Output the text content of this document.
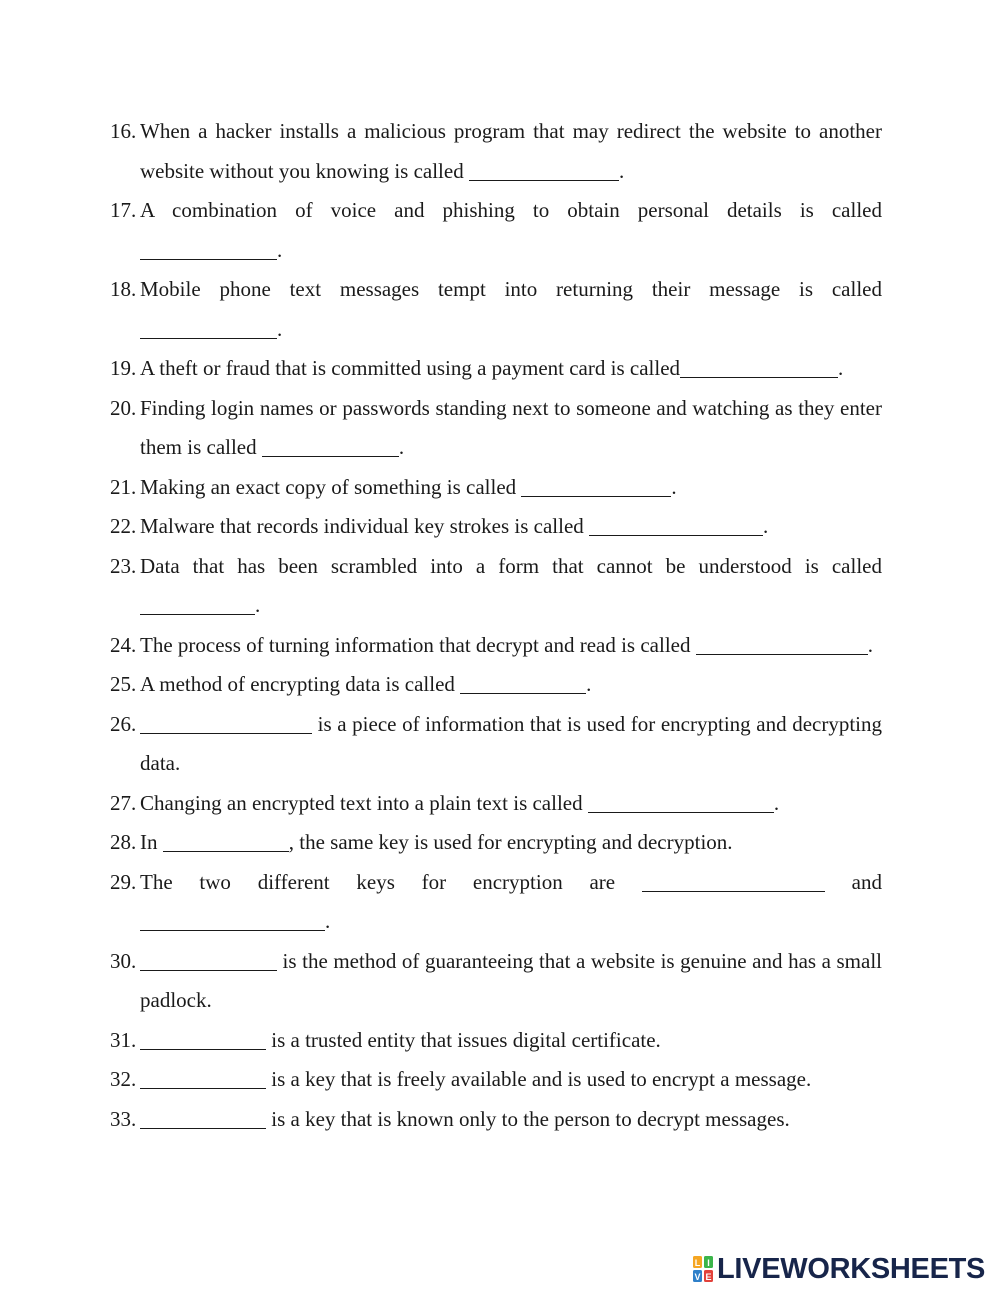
16. When a hacker installs a malicious program that may redirect the website to another website without you knowing is called	.
17. A combination of voice and phishing to obtain personal details is called .
18. Mobile phone text messages tempt into returning their message is called .
19. A theft or fraud that is committed using a payment card is called	.
20. Finding login names or passwords standing next to someone and watching as they enter them is called	.
21. Making an exact copy of something is called	.
22. Malware that records individual key strokes is called	.
23. Data that has been scrambled into a form that cannot be understood is called .
24. The process of turning information that decrypt and read is called	.
25. A method of encrypting data is called	.
26.	is a piece of information that is used for encrypting and decrypting data.
27. Changing an encrypted text into a plain text is called	.
28. In	, the same key is used for encrypting and decryption.
29. The two different keys for encryption are	and .
30.	is the method of guaranteeing that a website is genuine and has a small padlock.
31.	is a trusted entity that issues digital certificate.
32.	is a key that is freely available and is used to encrypt a message.
33.	is a key that is known only to the person to decrypt messages.
L I
V E LIVEWORKSHEETS
